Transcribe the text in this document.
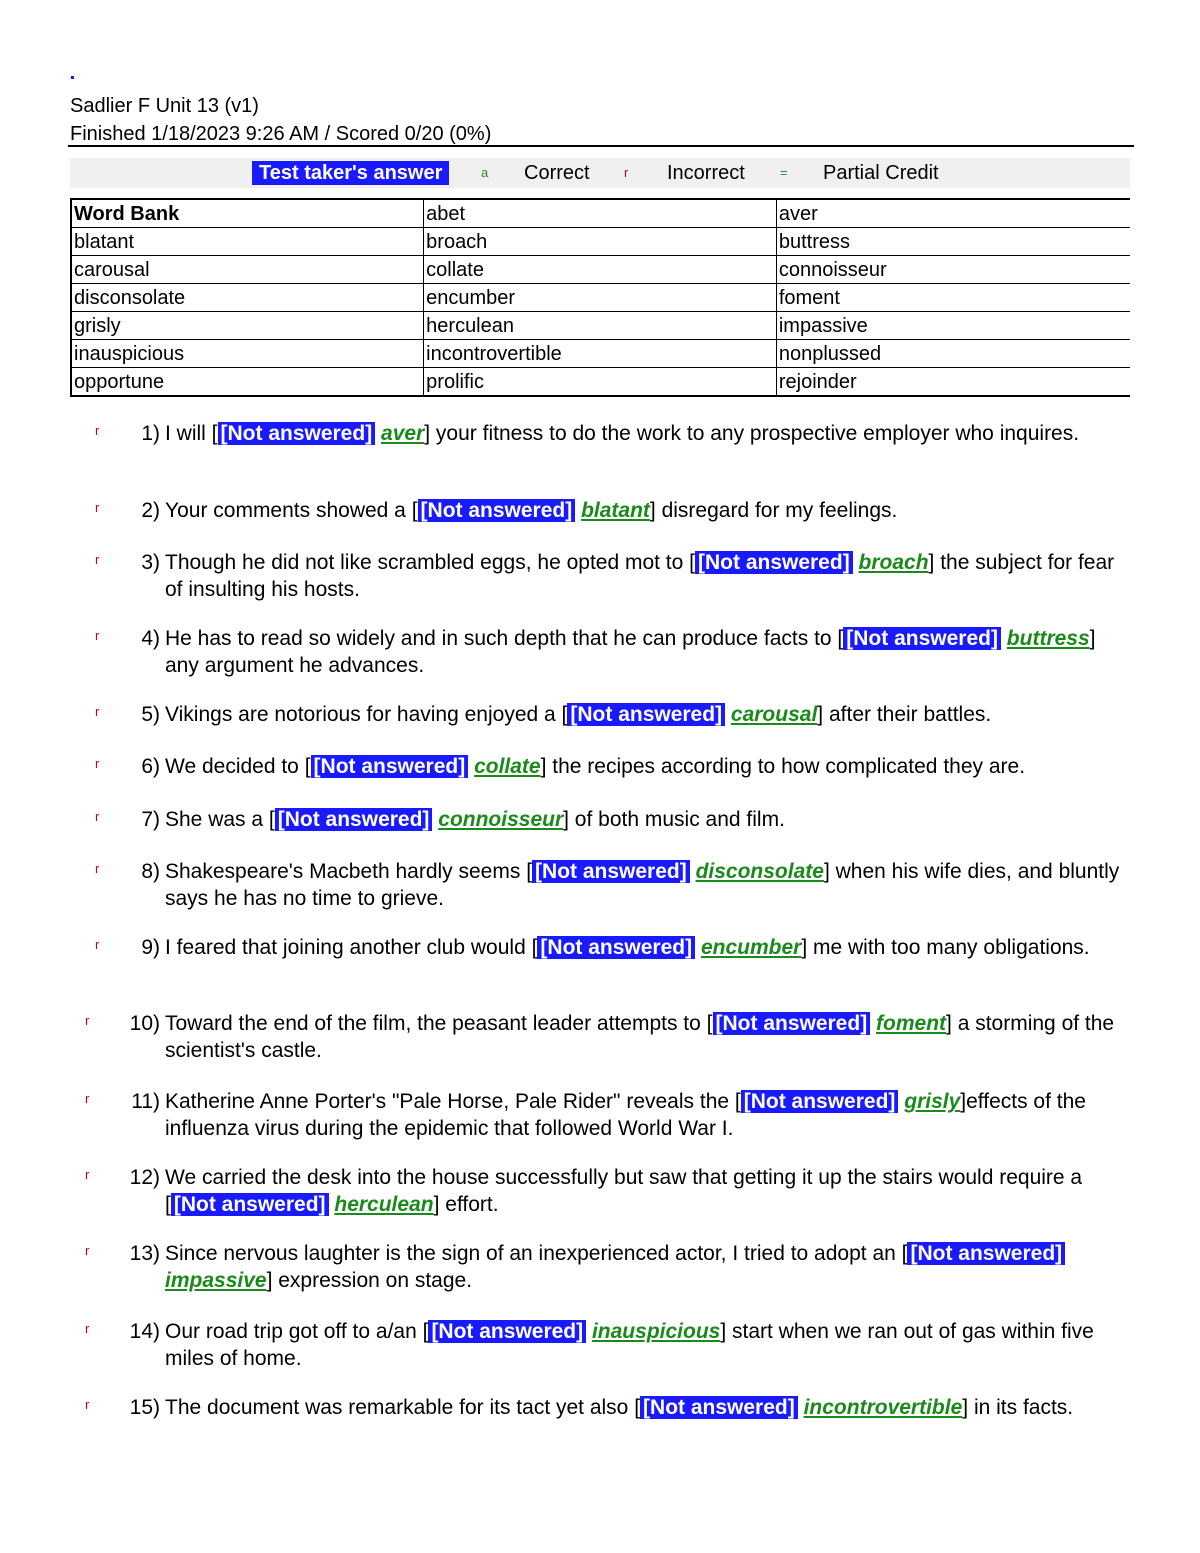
Sadlier F Unit 13 (v1)
Finished 1/18/2023 9:26 AM / Scored 0/20 (0%)
Test taker's answer	a Correct	r Incorrect	= Partial Credit
Word Bank	abet	aver
blatant	broach	buttress
carousal	collate	connoisseur
disconsolate	encumber	foment
grisly	herculean	impassive
inauspicious	incontrovertible	nonplussed
opportune	prolific	rejoinder
r 1) I will [ [Not answered] aver] your fitness to do the work to any prospective employer who inquires.
r 2) Your comments showed a [ [Not answered] blatant] disregard for my feelings.
r 3) Though he did not like scrambled eggs, he opted mot to [ [Not answered] broach] the subject for fear of insulting his hosts.
r 4) He has to read so widely and in such depth that he can produce facts to [ [Not answered] buttress] any argument he advances.
r 5) Vikings are notorious for having enjoyed a [ [Not answered] carousal] after their battles.
r 6) We decided to [ [Not answered] collate] the recipes according to how complicated they are.
r 7) She was a [ [Not answered] connoisseur] of both music and film.
r 8) Shakespeare's Macbeth hardly seems [ [Not answered] disconsolate] when his wife dies, and bluntly says he has no time to grieve.
r 9) I feared that joining another club would [ [Not answered] encumber] me with too many obligations.
r 10) Toward the end of the film, the peasant leader attempts to [ [Not answered] foment] a storming of the scientist's castle.
r 11) Katherine Anne Porter's "Pale Horse, Pale Rider" reveals the [ [Not answered] grisly]effects of the influenza virus during the epidemic that followed World War I.
r 12) We carried the desk into the house successfully but saw that getting it up the stairs would require a [ [Not answered] herculean] effort.
r 13) Since nervous laughter is the sign of an inexperienced actor, I tried to adopt an [ [Not answered] impassive] expression on stage.
r 14) Our road trip got off to a/an [ [Not answered] inauspicious] start when we ran out of gas within five miles of home.
r 15) The document was remarkable for its tact yet also [ [Not answered] incontrovertible] in its facts.
